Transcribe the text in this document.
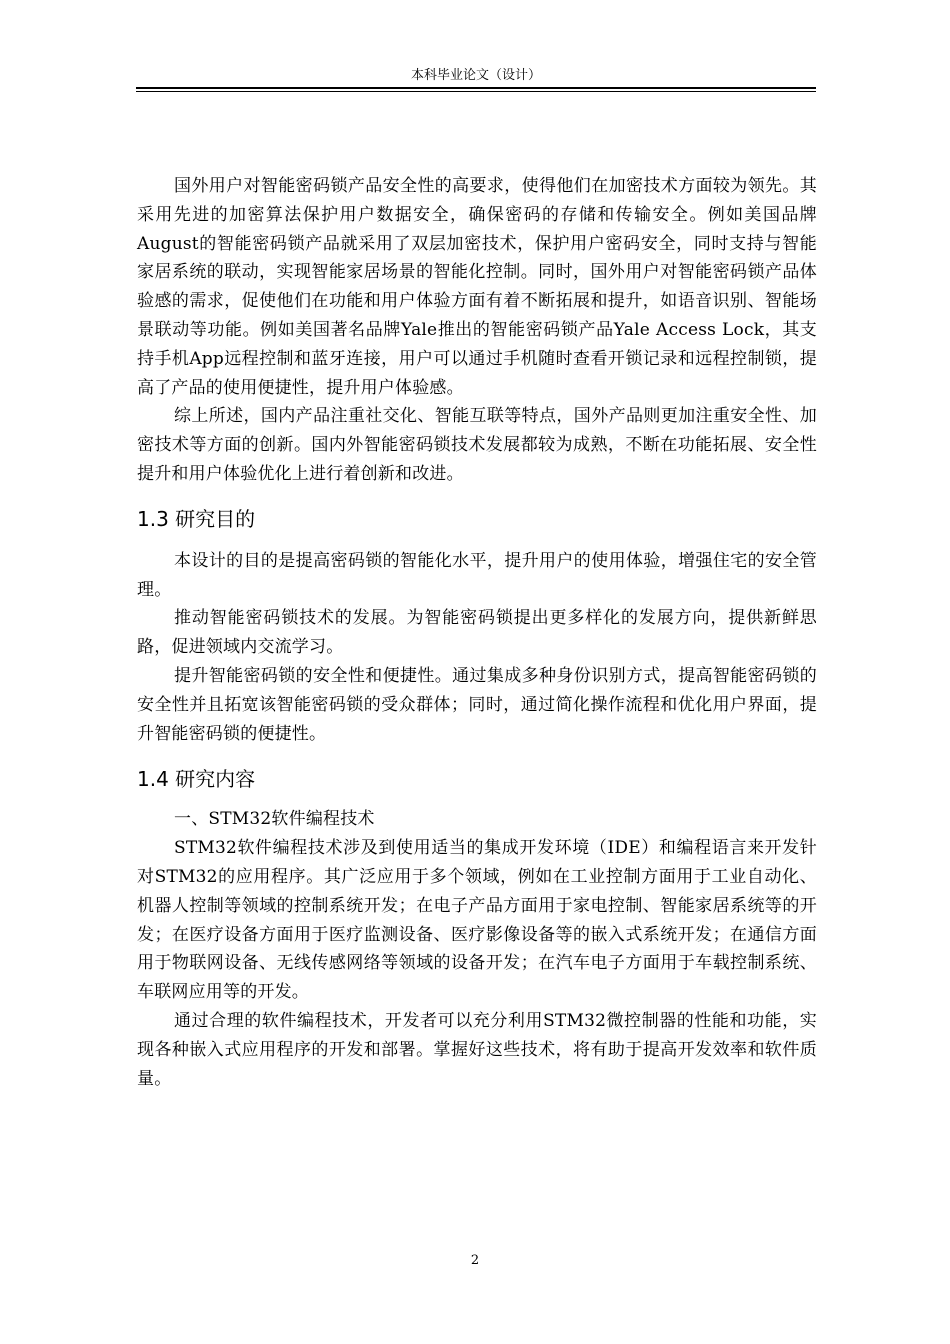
本科毕业论文（设计）

国外用户对智能密码锁产品安全性的高要求，使得他们在加密技术方面较为领先。其采用先进的加密算法保护用户数据安全，确保密码的存储和传输安全。例如美国品牌August的智能密码锁产品就采用了双层加密技术，保护用户密码安全，同时支持与智能家居系统的联动，实现智能家居场景的智能化控制。同时，国外用户对智能密码锁产品体验感的需求，促使他们在功能和用户体验方面有着不断拓展和提升，如语音识别、智能场景联动等功能。例如美国著名品牌Yale推出的智能密码锁产品Yale Access Lock，其支持手机App远程控制和蓝牙连接，用户可以通过手机随时查看开锁记录和远程控制锁，提高了产品的使用便捷性，提升用户体验感。

综上所述，国内产品注重社交化、智能互联等特点，国外产品则更加注重安全性、加密技术等方面的创新。国内外智能密码锁技术发展都较为成熟，不断在功能拓展、安全性提升和用户体验优化上进行着创新和改进。

1.3 研究目的

本设计的目的是提高密码锁的智能化水平，提升用户的使用体验，增强住宅的安全管理。

推动智能密码锁技术的发展。为智能密码锁提出更多样化的发展方向，提供新鲜思路，促进领域内交流学习。

提升智能密码锁的安全性和便捷性。通过集成多种身份识别方式，提高智能密码锁的安全性并且拓宽该智能密码锁的受众群体；同时，通过简化操作流程和优化用户界面，提升智能密码锁的便捷性。

1.4 研究内容

一、STM32软件编程技术

STM32软件编程技术涉及到使用适当的集成开发环境（IDE）和编程语言来开发针对STM32的应用程序。其广泛应用于多个领域，例如在工业控制方面用于工业自动化、机器人控制等领域的控制系统开发；在电子产品方面用于家电控制、智能家居系统等的开发；在医疗设备方面用于医疗监测设备、医疗影像设备等的嵌入式系统开发；在通信方面用于物联网设备、无线传感网络等领域的设备开发；在汽车电子方面用于车载控制系统、车联网应用等的开发。

通过合理的软件编程技术，开发者可以充分利用STM32微控制器的性能和功能，实现各种嵌入式应用程序的开发和部署。掌握好这些技术，将有助于提高开发效率和软件质量。

2
